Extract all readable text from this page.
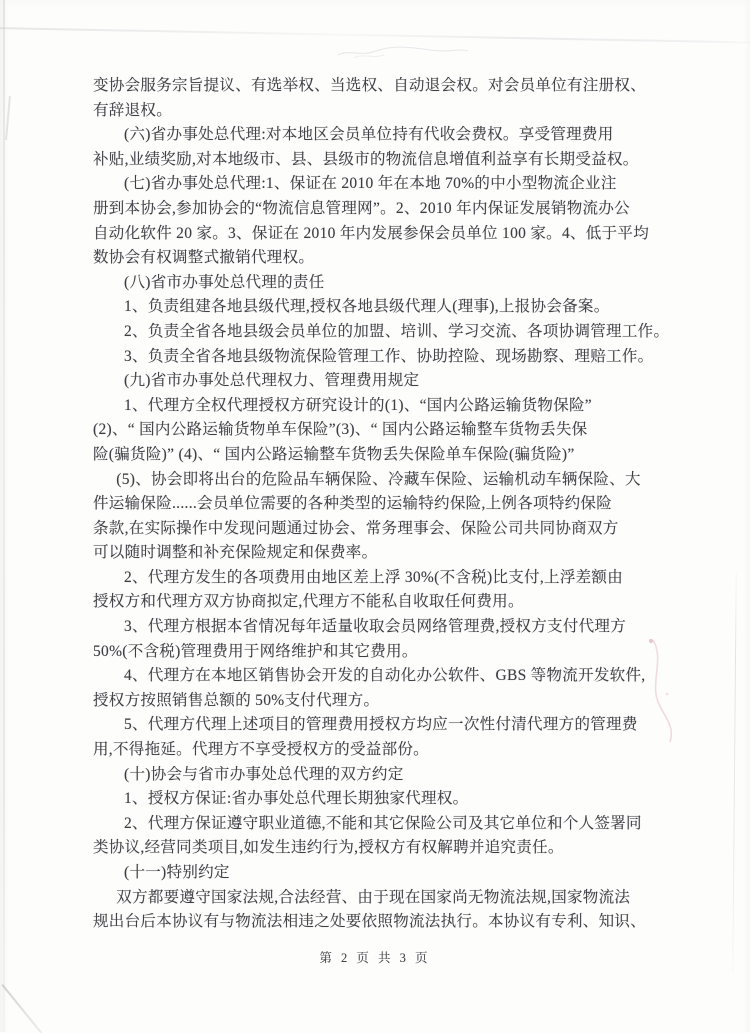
变协会服务宗旨提议、有选举权、当选权、自动退会权。对会员单位有注册权、
有辞退权。
(六)省办事处总代理:对本地区会员单位持有代收会费权。享受管理费用
补贴,业绩奖励,对本地级市、县、县级市的物流信息增值利益享有长期受益权。
(七)省办事处总代理:1、保证在 2010 年在本地 70%的中小型物流企业注
册到本协会,参加协会的“物流信息管理网”。2、2010 年内保证发展销物流办公
自动化软件 20 家。3、保证在 2010 年内发展参保会员单位 100 家。4、低于平均
数协会有权调整式撤销代理权。
(八)省市办事处总代理的责任
1、负责组建各地县级代理,授权各地县级代理人(理事),上报协会备案。
2、负责全省各地县级会员单位的加盟、培训、学习交流、各项协调管理工作。
3、负责全省各地县级物流保险管理工作、协助控险、现场勘察、理赔工作。
(九)省市办事处总代理权力、管理费用规定
1、代理方全权代理授权方研究设计的(1)、“国内公路运输货物保险”
(2)、“ 国内公路运输货物单车保险”(3)、“ 国内公路运输整车货物丢失保
险(骗货险)” (4)、“ 国内公路运输整车货物丢失保险单车保险(骗货险)”
(5)、协会即将出台的危险品车辆保险、冷藏车保险、运输机动车辆保险、大
件运输保险......会员单位需要的各种类型的运输特约保险,上例各项特约保险
条款,在实际操作中发现问题通过协会、常务理事会、保险公司共同协商双方
可以随时调整和补充保险规定和保费率。
2、代理方发生的各项费用由地区差上浮 30%(不含税)比支付,上浮差额由
授权方和代理方双方协商拟定,代理方不能私自收取任何费用。
3、代理方根据本省情况每年适量收取会员网络管理费,授权方支付代理方
50%(不含税)管理费用于网络维护和其它费用。
4、代理方在本地区销售协会开发的自动化办公软件、GBS 等物流开发软件,
授权方按照销售总额的 50%支付代理方。
5、代理方代理上述项目的管理费用授权方均应一次性付清代理方的管理费
用,不得拖延。代理方不享受授权方的受益部份。
(十)协会与省市办事处总代理的双方约定
1、授权方保证:省办事处总代理长期独家代理权。
2、代理方保证遵守职业道德,不能和其它保险公司及其它单位和个人签署同
类协议,经营同类项目,如发生违约行为,授权方有权解聘并追究责任。
(十一)特别约定
双方都要遵守国家法规,合法经营、由于现在国家尚无物流法规,国家物流法
规出台后本协议有与物流法相违之处要依照物流法执行。本协议有专利、知识、
第 2 页 共 3 页
